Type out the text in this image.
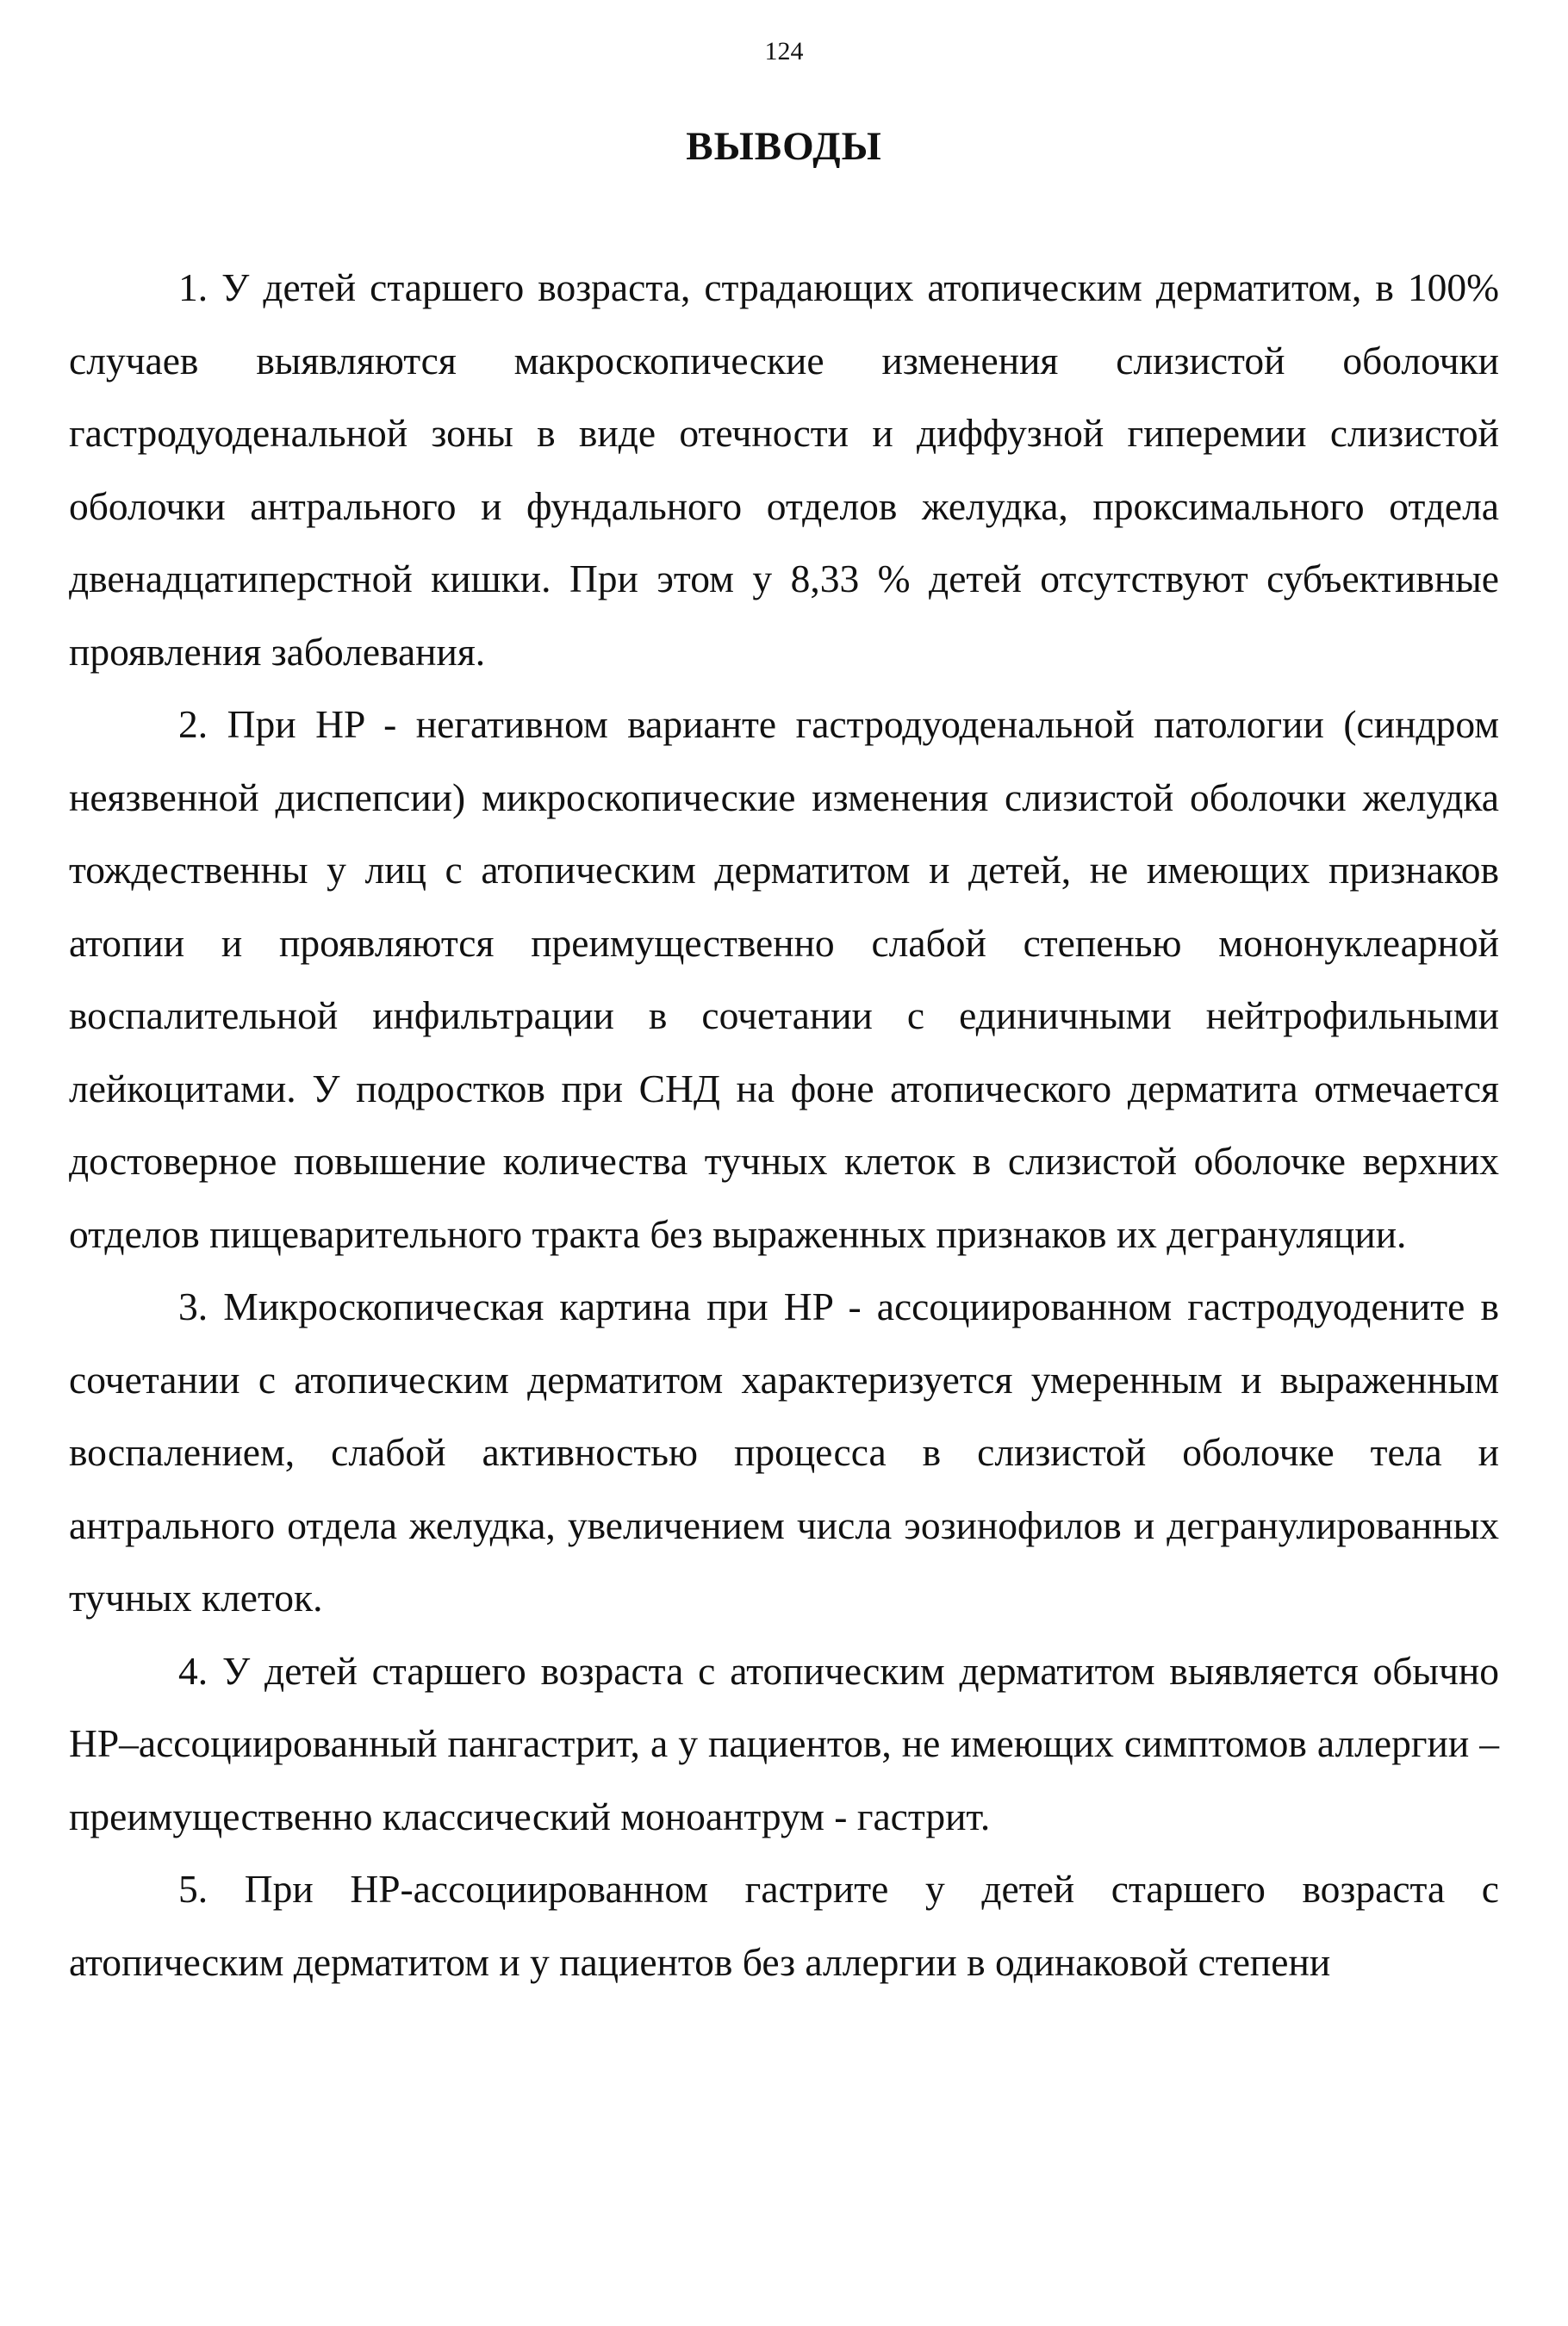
124
ВЫВОДЫ

1. У детей старшего возраста, страдающих атопическим дерматитом, в 100% случаев выявляются макроскопические изменения слизистой оболочки гастродуоденальной зоны в виде отечности и диффузной гиперемии слизистой оболочки антрального и фундального отделов желудка, проксимального отдела двенадцатиперстной кишки. При этом у 8,33 % детей отсутствуют субъективные проявления заболевания.

2. При HP - негативном варианте гастродуоденальной патологии (синдром неязвенной диспепсии) микроскопические изменения слизистой оболочки желудка тождественны у лиц с атопическим дерматитом и детей, не имеющих признаков атопии и проявляются преимущественно слабой степенью мононуклеарной воспалительной инфильтрации в сочетании с единичными нейтрофильными лейкоцитами. У подростков при СНД на фоне атопического дерматита отмечается достоверное повышение количества тучных клеток в слизистой оболочке верхних отделов пищеварительного тракта без выраженных признаков их дегрануляции.

3. Микроскопическая картина при HP - ассоциированном гастродуодените в сочетании с атопическим дерматитом характеризуется умеренным и выраженным воспалением, слабой активностью процесса в слизистой оболочке тела и антрального отдела желудка, увеличением числа эозинофилов и дегранулированных тучных клеток.

4. У детей старшего возраста с атопическим дерматитом выявляется обычно HP–ассоциированный пангастрит, а у пациентов, не имеющих симптомов аллергии – преимущественно классический моноантрум - гастрит.

5. При HP-ассоциированном гастрите у детей старшего возраста с атопическим дерматитом и у пациентов без аллергии в одинаковой степени
